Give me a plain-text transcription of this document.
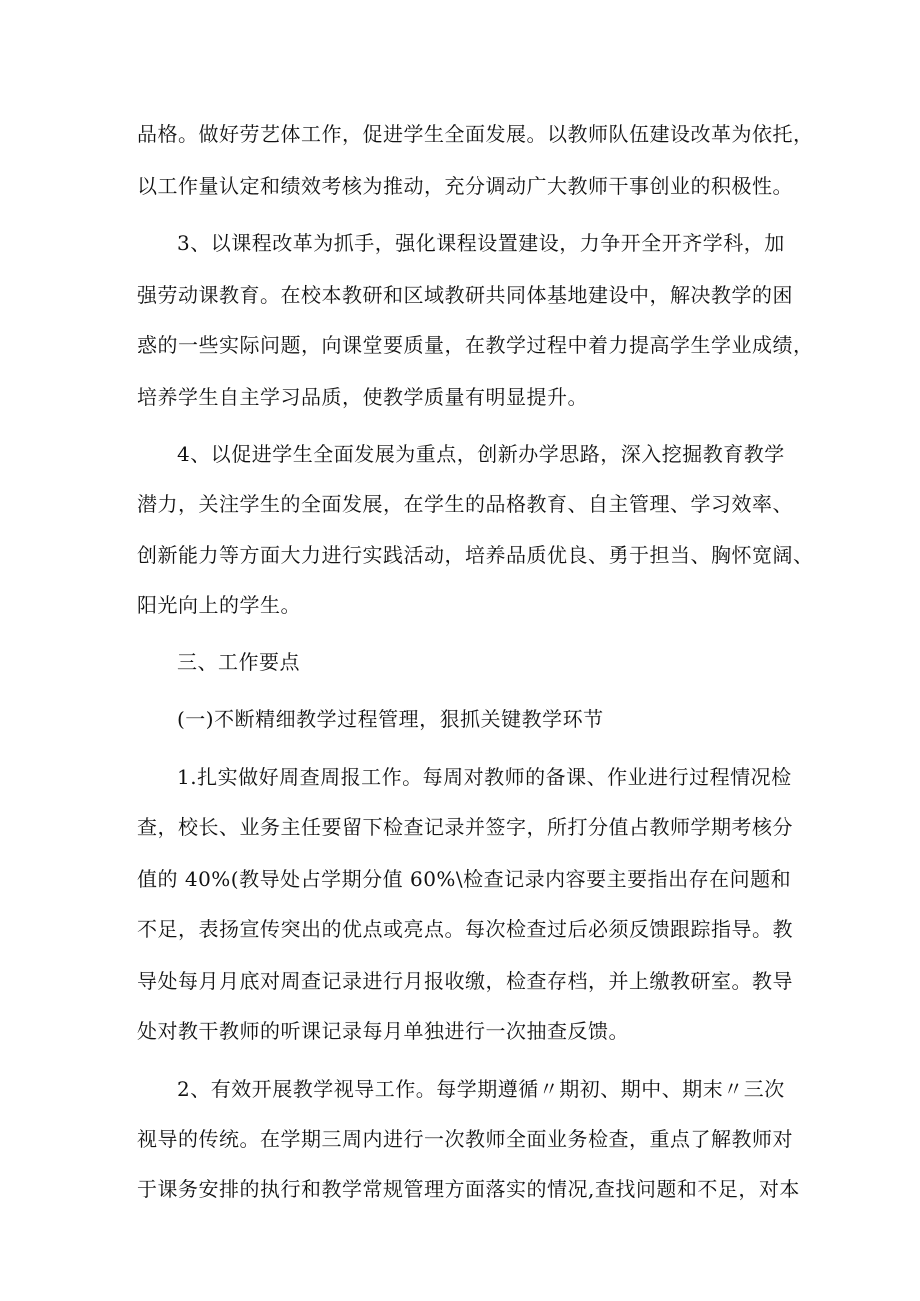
品格。做好劳艺体工作，促进学生全面发展。以教师队伍建设改革为依托，
以工作量认定和绩效考核为推动，充分调动广大教师干事创业的积极性。
3、以课程改革为抓手，强化课程设置建设，力争开全开齐学科，加
强劳动课教育。在校本教研和区域教研共同体基地建设中，解决教学的困
惑的一些实际问题，向课堂要质量，在教学过程中着力提高学生学业成绩，
培养学生自主学习品质，使教学质量有明显提升。
4、以促进学生全面发展为重点，创新办学思路，深入挖掘教育教学
潜力，关注学生的全面发展，在学生的品格教育、自主管理、学习效率、
创新能力等方面大力进行实践活动，培养品质优良、勇于担当、胸怀宽阔、
阳光向上的学生。
三、工作要点
(一)不断精细教学过程管理，狠抓关键教学环节
1.扎实做好周查周报工作。每周对教师的备课、作业进行过程情况检
查，校长、业务主任要留下检查记录并签字，所打分值占教师学期考核分
值的 40%(教导处占学期分值 60%\检查记录内容要主要指出存在问题和
不足，表扬宣传突出的优点或亮点。每次检查过后必须反馈跟踪指导。教
导处每月月底对周查记录进行月报收缴，检查存档，并上缴教研室。教导
处对教干教师的听课记录每月单独进行一次抽查反馈。
2、有效开展教学视导工作。每学期遵循〃期初、期中、期末〃三次
视导的传统。在学期三周内进行一次教师全面业务检查，重点了解教师对
于课务安排的执行和教学常规管理方面落实的情况,查找问题和不足，对本
